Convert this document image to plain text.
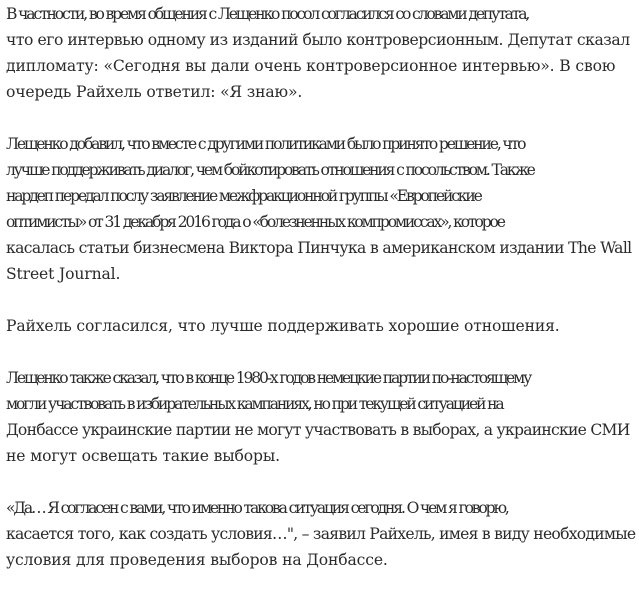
В частности, во время общения с Лещенко посол согласился со словами депутата,
что его интервью одному из изданий было контроверсионным. Депутат сказал
дипломату: «Сегодня вы дали очень контроверсионное интервью». В свою
очередь Райхель ответил: «Я знаю».

Лещенко добавил, что вместе с другими политиками было принято решение, что
лучше поддерживать диалог, чем бойкотировать отношения с посольством. Также
нардеп передал послу заявление межфракционной группы «Европейские
оптимисты» от 31 декабря 2016 года о «болезненных компромиссах», которое
касалась статьи бизнесмена Виктора Пинчука в американском издании The Wall
Street Journal.

Райхель согласился, что лучше поддерживать хорошие отношения.

Лещенко также сказал, что в конце 1980-х годов немецкие партии по-настоящему
могли участвовать в избирательных кампаниях, но при текущей ситуацией на
Донбассе украинские партии не могут участвовать в выборах, а украинские СМИ
не могут освещать такие выборы.

«Да… Я согласен с вами, что именно такова ситуация сегодня. О чем я говорю,
касается того, как создать условия…", – заявил Райхель, имея в виду необходимые
условия для проведения выборов на Донбассе.
